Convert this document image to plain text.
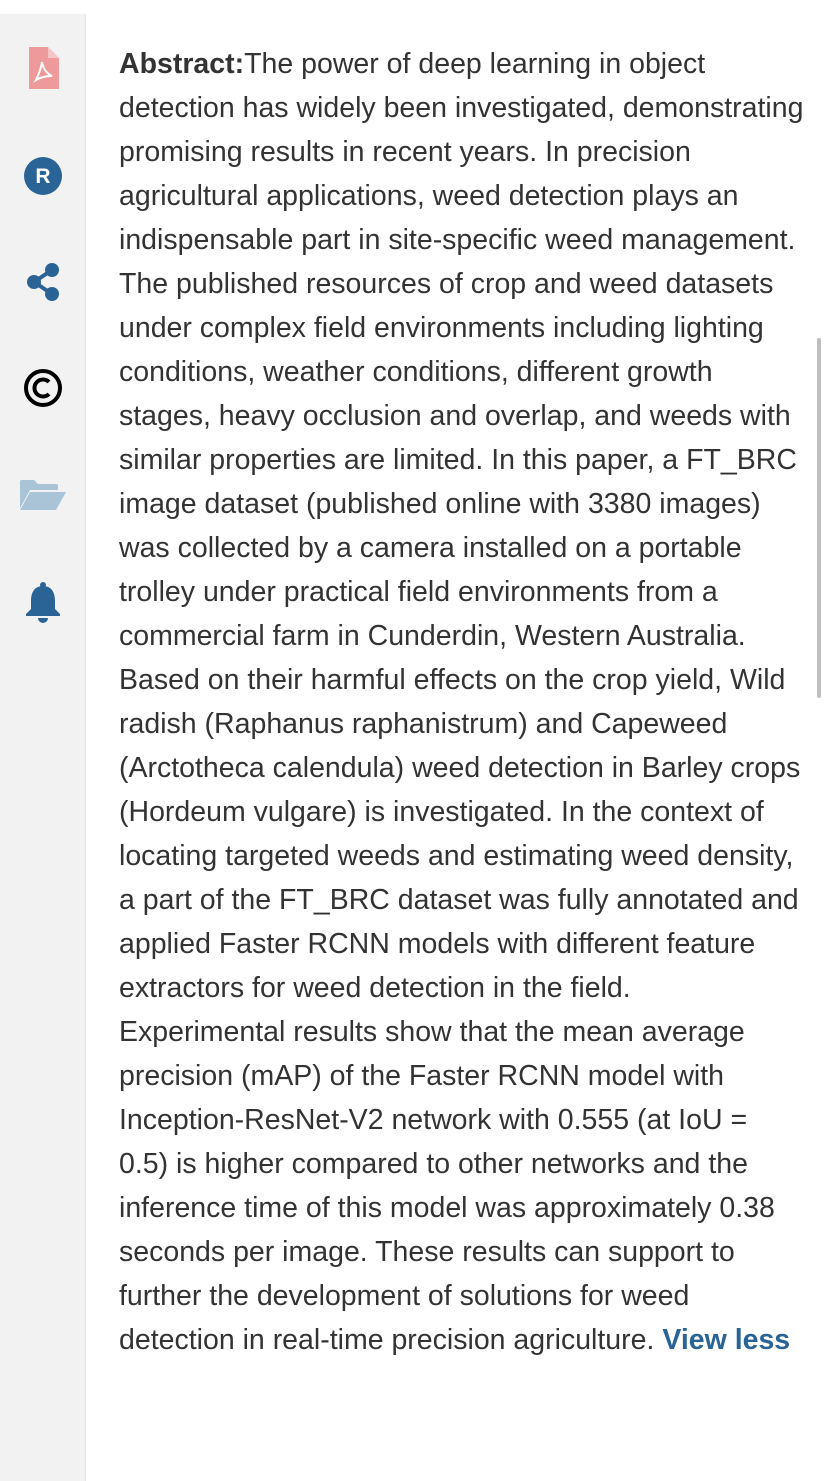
R

Abstract:The power of deep learning in object detection has widely been investigated, demonstrating promising results in recent years. In precision agricultural applications, weed detection plays an indispensable part in site-specific weed management. The published resources of crop and weed datasets under complex field environments including lighting conditions, weather conditions, different growth stages, heavy occlusion and overlap, and weeds with similar properties are limited. In this paper, a FT_BRC image dataset (published online with 3380 images) was collected by a camera installed on a portable trolley under practical field environments from a commercial farm in Cunderdin, Western Australia. Based on their harmful effects on the crop yield, Wild radish (Raphanus raphanistrum) and Capeweed (Arctotheca calendula) weed detection in Barley crops (Hordeum vulgare) is investigated. In the context of locating targeted weeds and estimating weed density, a part of the FT_BRC dataset was fully annotated and applied Faster RCNN models with different feature extractors for weed detection in the field. Experimental results show that the mean average precision (mAP) of the Faster RCNN model with Inception-ResNet-V2 network with 0.555 (at IoU = 0.5) is higher compared to other networks and the inference time of this model was approximately 0.38 seconds per image. These results can support to further the development of solutions for weed detection in real-time precision agriculture. View less
